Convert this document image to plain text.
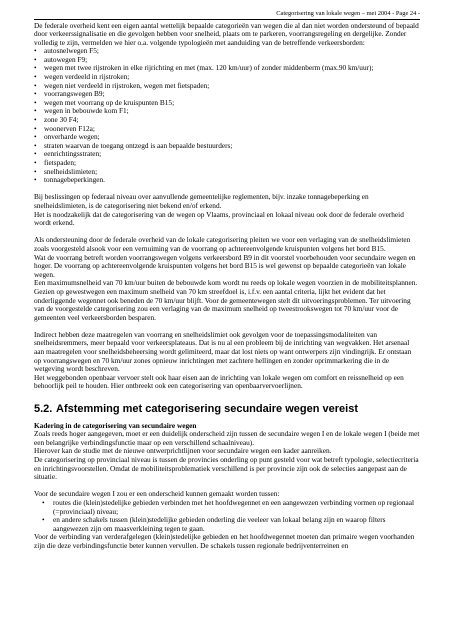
Categorisering van lokale wegen – mei 2004 - Page 24 -

De federale overheid kent een eigen aantal wettelijk bepaalde categorieën van wegen die al dan niet worden ondersteund of bepaald door verkeerssignalisatie en die gevolgen hebben voor snelheid, plaats om te parkeren, voorrangsregeling en dergelijke. Zonder volledig te zijn, vermelden we hier o.a. volgende typologieën met aanduiding van de betreffende verkeersborden:

• autosnelwegen F5;
• autowegen F9;
• wegen met twee rijstroken in elke rijrichting en met (max. 120 km/uur) of zonder middenberm (max.90 km/uur);
• wegen verdeeld in rijstroken;
• wegen niet verdeeld in rijstroken, wegen met fietspaden;
• voorrangswegen B9;
• wegen met voorrang op de kruispunten B15;
• wegen in bebouwde kom F1;
• zone 30 F4;
• woonerven F12a;
• onverharde wegen;
• straten waarvan de toegang ontzegd is aan bepaalde bestuurders;
• eenrichtingsstraten;
• fietspaden;
• snelheidslimieten;
• tonnagebeperkingen.

Bij beslissingen op federaal niveau over aanvullende gemeentelijke reglementen, bijv. inzake tonnagebeperking en snelheidslimieten, is de categorisering niet bekend en/of erkend.

Het is noodzakelijk dat de categorisering van de wegen op Vlaams, provinciaal en lokaal niveau ook door de federale overheid wordt erkend.

Als ondersteuning door de federale overheid van de lokale categorisering pleiten we voor een verlaging van de snelheidslimieten zoals voorgesteld alsook voor een vernuiming van de voorrang op achtereenvolgende kruispunten volgens het bord B15.

Wat de voorrang betreft worden voorrangswegen volgens verkeersbord B9 in dit voorstel voorbehouden voor secundaire wegen en hoger. De voorrang op achtereenvolgende kruispunten volgens het bord B15 is wel gewenst op bepaalde categorieën van lokale wegen.

Een maximumsnelheid van 70 km/uur buiten de bebouwde kom wordt nu reeds op lokale wegen voorzien in de mobiliteitsplannen. Gezien op gewestwegen een maximum snelheid van 70 km streefdoel is, i.f.v. een aantal criteria, lijkt het evident dat het onderliggende wegennet ook beneden de 70 km/uur blijft. Voor de gemeentewegen stelt dit uitvoeringsproblemen. Ter uitvoering van de voorgestelde categorisering zou een verlaging van de maximum snelheid op tweestrookswegen tot 70 km/uur voor de gemeenten veel verkeersborden besparen.

Indirect hebben deze maatregelen van voorrang en snelheidslimiet ook gevolgen voor de toepassingsmodaliteiten van snelheidsremmers, meer bepaald voor verkeersplateaus. Dat is nu al een probleem bij de inrichting van wegvakken. Het arsenaal aan maatregelen voor snelheidsbeheersing wordt gelimiteerd, maar dat lost niets op want ontwerpers zijn vindingrijk. Er ontstaan op voorrangswegen en 70 km/uur zones opnieuw inrichtingen met zachtere hellingen en zonder oprimmarkering die in de wetgeving wordt beschreven.

Het weggebonden openbaar vervoer stelt ook haar eisen aan de inrichting van lokale wegen om comfort en reissnelheid op een behoorlijk peil te houden. Hier ontbreekt ook een categorisering van openbaarvervoerlijnen.

5.2. Afstemming met categorisering secundaire wegen vereist

Kadering in de categorisering van secundaire wegen

Zoals reeds hoger aangegeven, moet er een duidelijk onderscheid zijn tussen de secundaire wegen I en de lokale wegen I (beide met een belangrijke verbindingsfunctie maar op een verschillend schaalniveau).

Hierover kan de studie met de nieuwe ontwerprichtlijnen voor secundaire wegen een kader aanreiken.

De categorisering op provinciaal niveau is tussen de provincies onderling op punt gesteld voor wat betreft typologie, selectiecriteria en inrichtingsvoorstellen. Omdat de mobiliteitsproblematiek verschillend is per provincie zijn ook de selecties aangepast aan de situatie.

Voor de secundaire wegen I zou er een onderscheid kunnen gemaakt worden tussen:

• routes die (klein)stedelijke gebieden verbinden met het hoofdwegennet en een aangewezen verbinding vormen op regionaal (=provinciaal) niveau;
• en andere schakels tussen (klein)stedelijke gebieden onderling die veeleer van lokaal belang zijn en waarop filters aangewezen zijn om maasverkleining tegen te gaan.

Voor de verbinding van verderafgelegen (klein)stedelijke gebieden en het hoofdwegennet moeten dan primaire wegen voorhanden zijn die deze verbindingsfunctie beter kunnen vervullen. De schakels tussen regionale bedrijventerreinen en
